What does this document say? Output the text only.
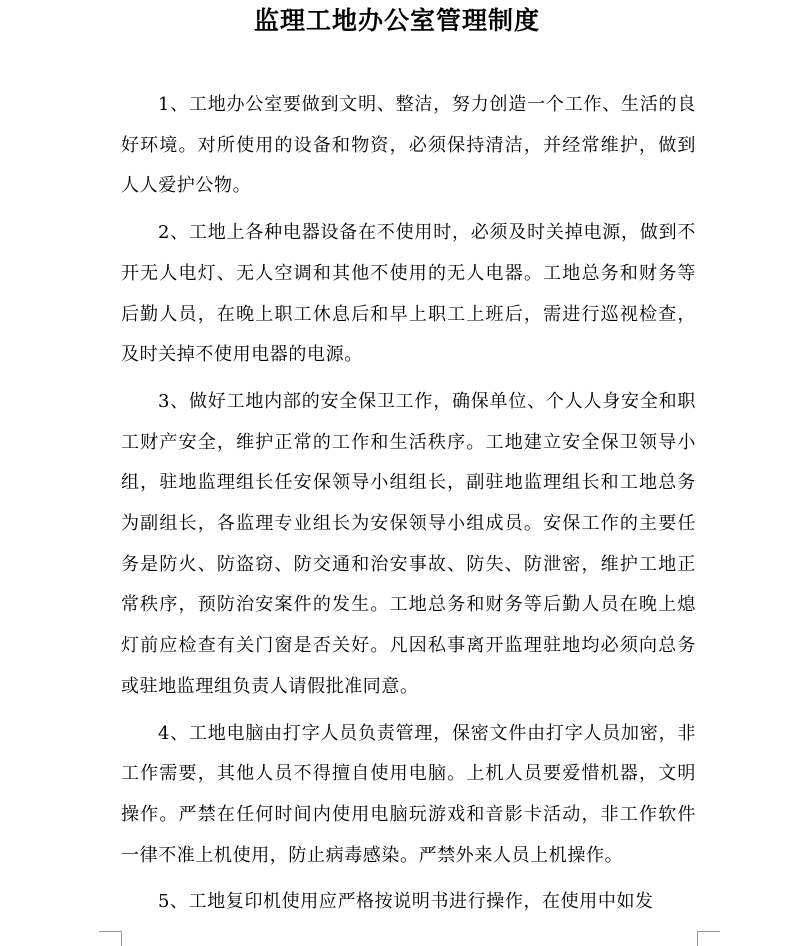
监理工地办公室管理制度

1、工地办公室要做到文明、整洁，努力创造一个工作、生活的良好环境。对所使用的设备和物资，必须保持清洁，并经常维护，做到人人爱护公物。

2、工地上各种电器设备在不使用时，必须及时关掉电源，做到不开无人电灯、无人空调和其他不使用的无人电器。工地总务和财务等后勤人员，在晚上职工休息后和早上职工上班后，需进行巡视检查，及时关掉不使用电器的电源。

3、做好工地内部的安全保卫工作，确保单位、个人人身安全和职工财产安全，维护正常的工作和生活秩序。工地建立安全保卫领导小组，驻地监理组长任安保领导小组组长，副驻地监理组长和工地总务为副组长，各监理专业组长为安保领导小组成员。安保工作的主要任务是防火、防盗窃、防交通和治安事故、防失、防泄密，维护工地正常秩序，预防治安案件的发生。工地总务和财务等后勤人员在晚上熄灯前应检查有关门窗是否关好。凡因私事离开监理驻地均必须向总务或驻地监理组负责人请假批准同意。

4、工地电脑由打字人员负责管理，保密文件由打字人员加密，非工作需要，其他人员不得擅自使用电脑。上机人员要爱惜机器，文明操作。严禁在任何时间内使用电脑玩游戏和音影卡活动，非工作软件一律不准上机使用，防止病毒感染。严禁外来人员上机操作。

5、工地复印机使用应严格按说明书进行操作，在使用中如发
